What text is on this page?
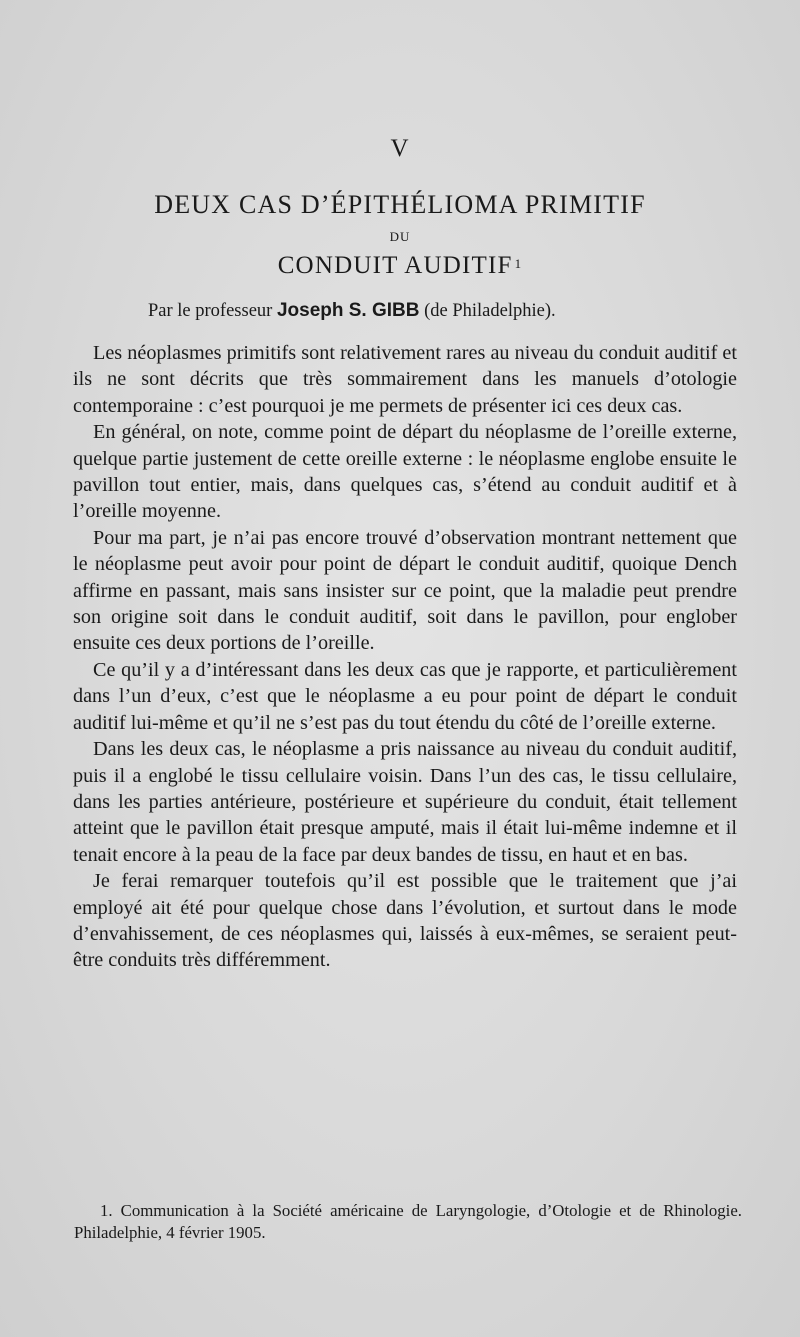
V
DEUX CAS D’ÉPITHÉLIOMA PRIMITIF
DU
CONDUIT AUDITIF $^1$
Par le professeur Joseph S. GIBB (de Philadelphie).

Les néoplasmes primitifs sont relativement rares au niveau du conduit auditif et ils ne sont décrits que très sommairement dans les manuels d’otologie contemporaine : c’est pourquoi je me permets de présenter ici ces deux cas.

En général, on note, comme point de départ du néoplasme de l’oreille externe, quelque partie justement de cette oreille externe : le néoplasme englobe ensuite le pavillon tout entier, mais, dans quelques cas, s’étend au conduit auditif et à l’oreille moyenne.

Pour ma part, je n’ai pas encore trouvé d’observation montrant nettement que le néoplasme peut avoir pour point de départ le conduit auditif, quoique Dench affirme en passant, mais sans insister sur ce point, que la maladie peut prendre son origine soit dans le conduit auditif, soit dans le pavillon, pour englober ensuite ces deux portions de l’oreille.

Ce qu’il y a d’intéressant dans les deux cas que je rapporte, et particulièrement dans l’un d’eux, c’est que le néoplasme a eu pour point de départ le conduit auditif lui-même et qu’il ne s’est pas du tout étendu du côté de l’oreille externe.

Dans les deux cas, le néoplasme a pris naissance au niveau du conduit auditif, puis il a englobé le tissu cellulaire voisin. Dans l’un des cas, le tissu cellulaire, dans les parties antérieure, postérieure et supérieure du conduit, était tellement atteint que le pavillon était presque amputé, mais il était lui-même indemne et il tenait encore à la peau de la face par deux bandes de tissu, en haut et en bas.

Je ferai remarquer toutefois qu’il est possible que le traitement que j’ai employé ait été pour quelque chose dans l’évolution, et surtout dans le mode d’envahissement, de ces néoplasmes qui, laissés à eux-mêmes, se seraient peut-être conduits très différemment.

1. Communication à la Société américaine de Laryngologie, d’Otologie et de Rhinologie. Philadelphie, 4 février 1905.
